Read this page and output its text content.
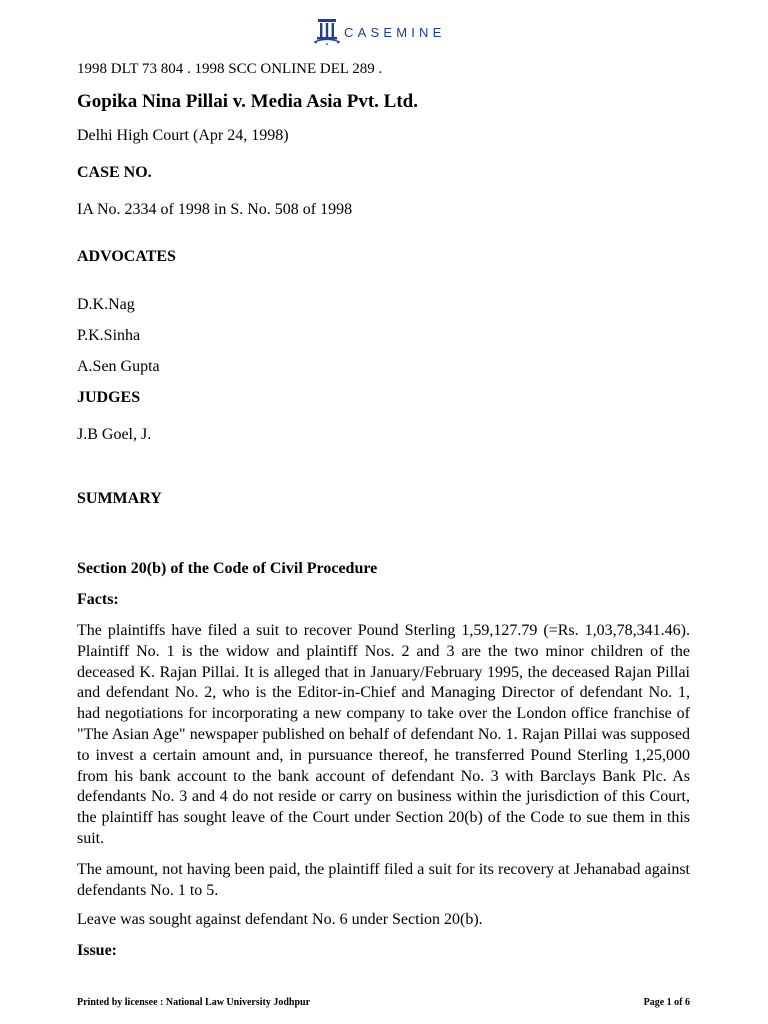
CASEMINE

1998 DLT 73 804 . 1998 SCC ONLINE DEL 289 .

Gopika Nina Pillai v. Media Asia Pvt. Ltd.

Delhi High Court (Apr 24, 1998)

CASE NO.

IA No. 2334 of 1998 in S. No. 508 of 1998

ADVOCATES

D.K.Nag

P.K.Sinha

A.Sen Gupta

JUDGES

J.B Goel, J.

SUMMARY
Section 20(b) of the Code of Civil Procedure
Facts:

The plaintiffs have filed a suit to recover Pound Sterling 1,59,127.79 (=Rs. 1,03,78,341.46). Plaintiff No. 1 is the widow and plaintiff Nos. 2 and 3 are the two minor children of the deceased K. Rajan Pillai. It is alleged that in January/February 1995, the deceased Rajan Pillai and defendant No. 2, who is the Editor-in-Chief and Managing Director of defendant No. 1, had negotiations for incorporating a new company to take over the London office franchise of "The Asian Age" newspaper published on behalf of defendant No. 1. Rajan Pillai was supposed to invest a certain amount and, in pursuance thereof, he transferred Pound Sterling 1,25,000 from his bank account to the bank account of defendant No. 3 with Barclays Bank Plc. As defendants No. 3 and 4 do not reside or carry on business within the jurisdiction of this Court, the plaintiff has sought leave of the Court under Section 20(b) of the Code to sue them in this suit.

The amount, not having been paid, the plaintiff filed a suit for its recovery at Jehanabad against defendants No. 1 to 5.

Leave was sought against defendant No. 6 under Section 20(b).

Issue:
Printed by licensee : National Law University Jodhpur	Page 1 of 6
